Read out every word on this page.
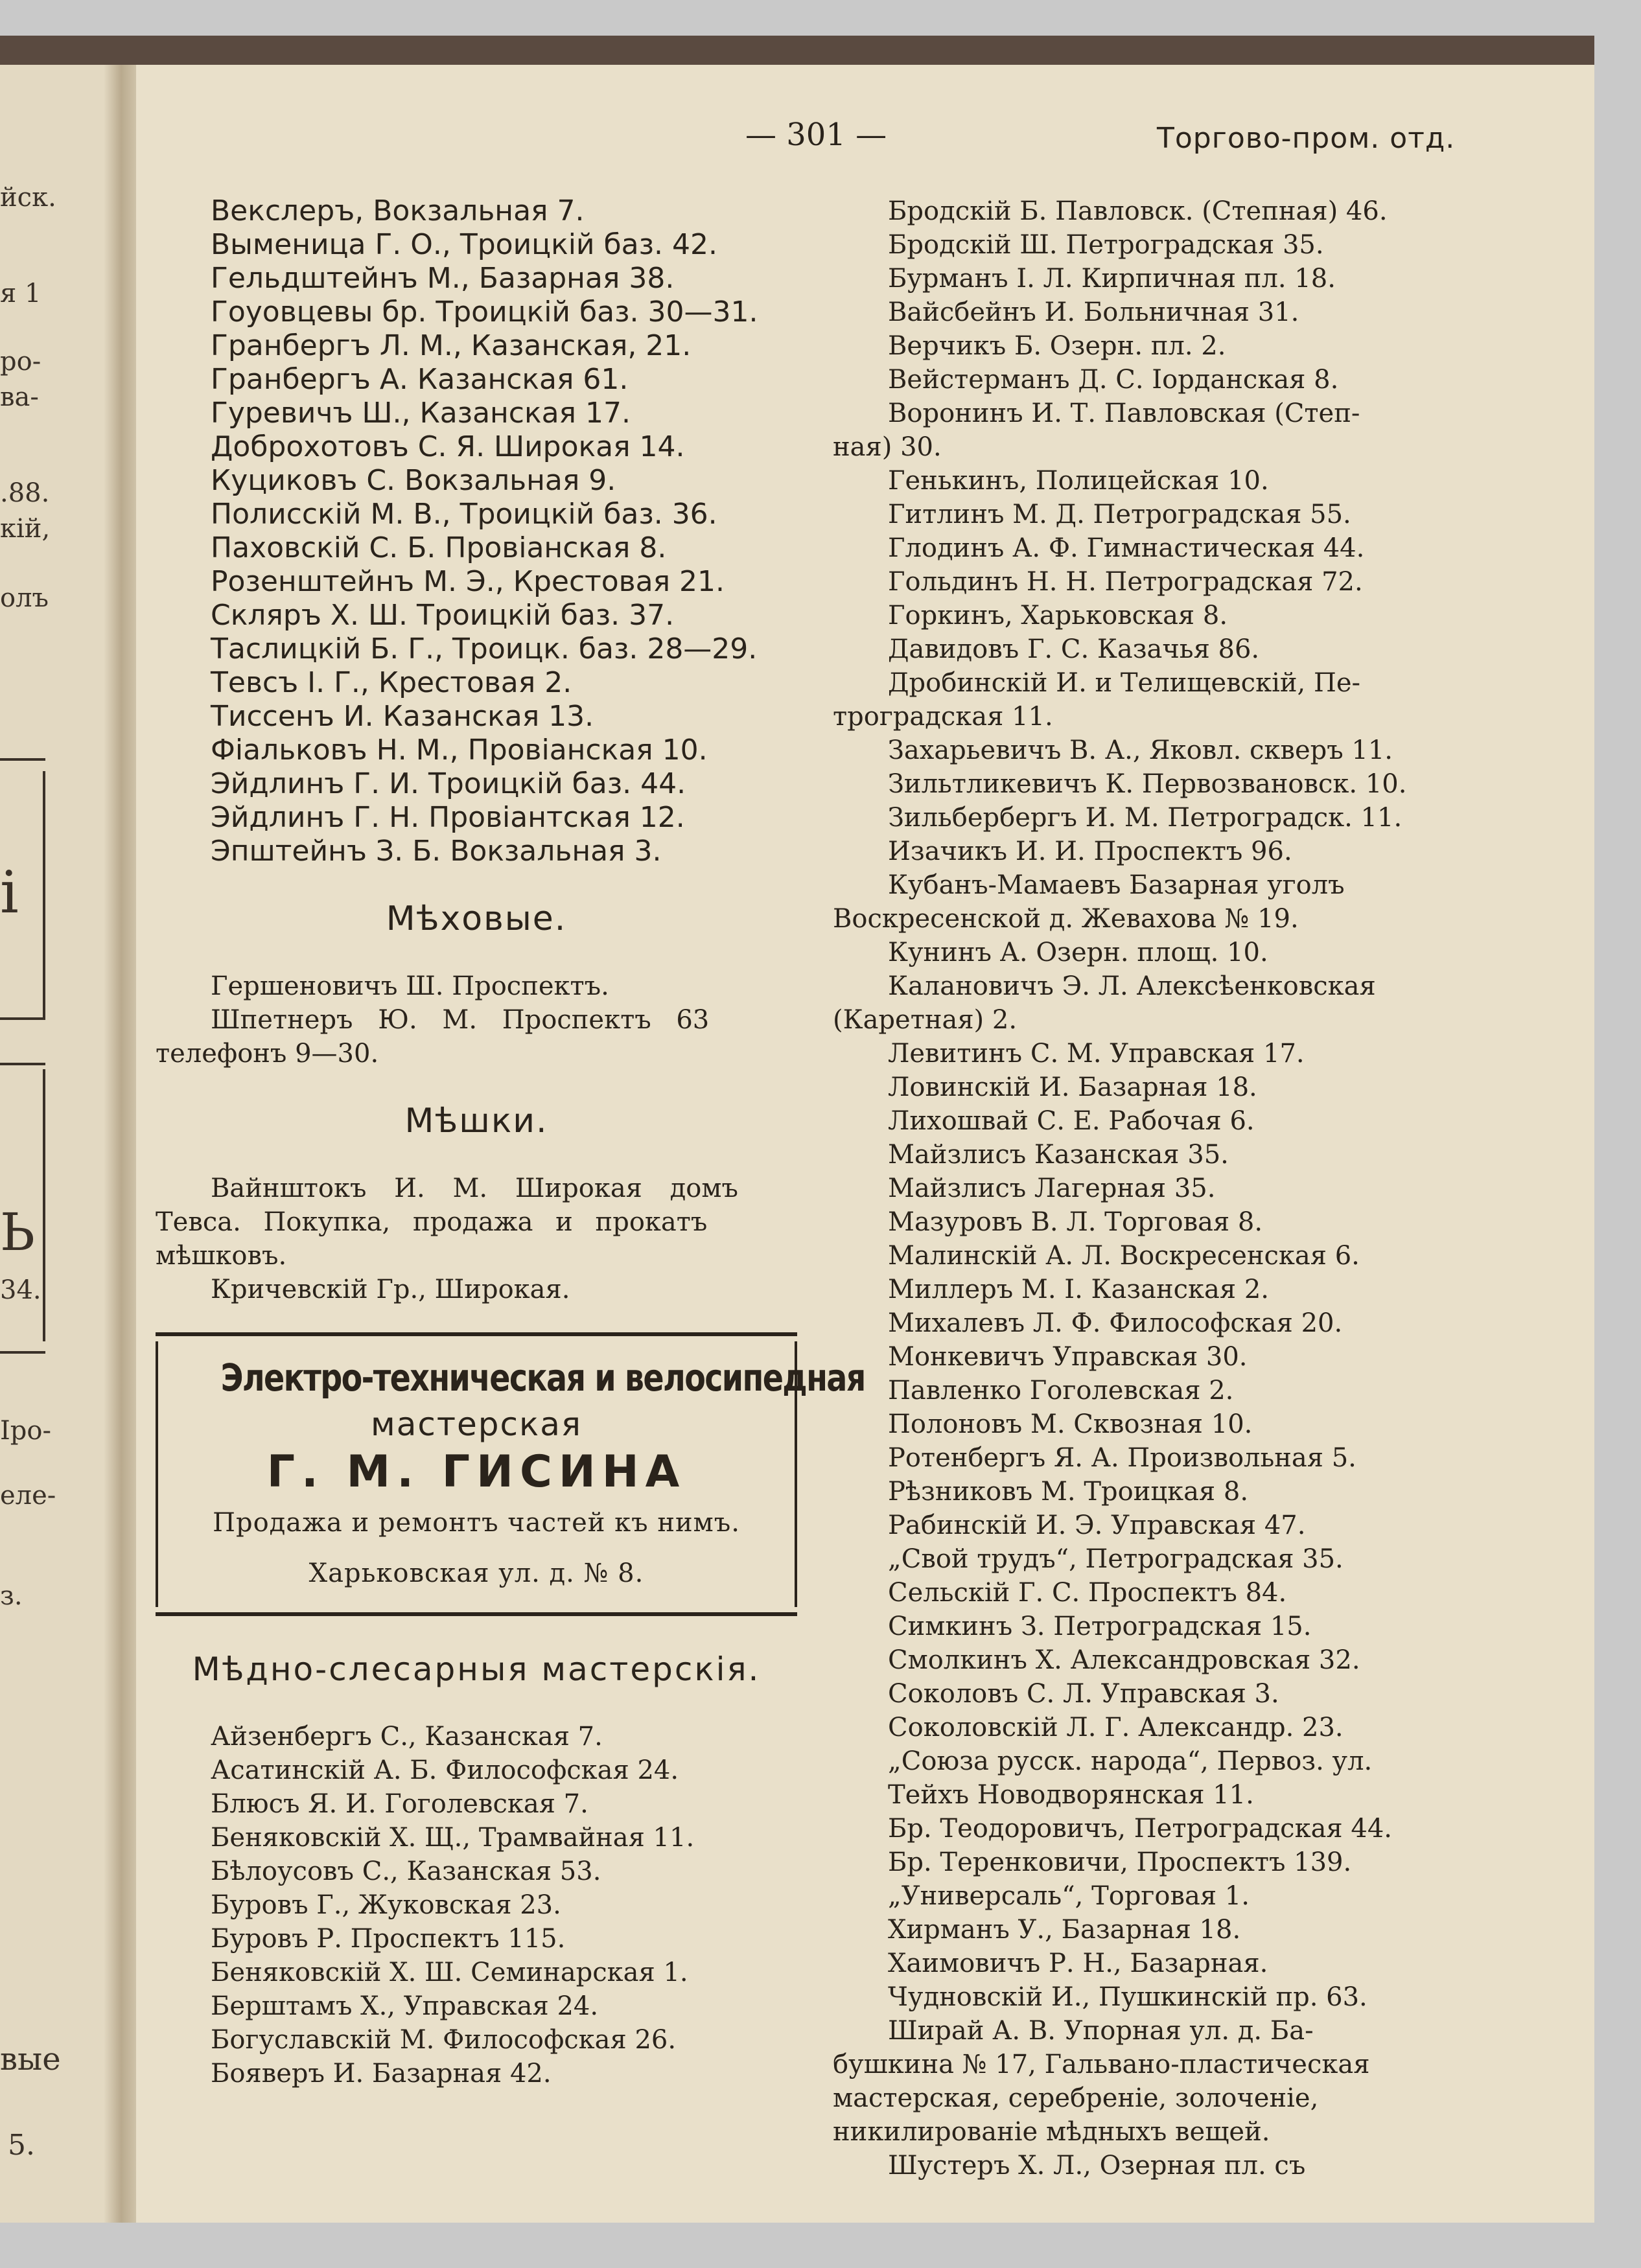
йск.
я 1
ро-
ва-
.88.
кій,
олъ
і
Ь
34.
Іро-
еле-
з.
вые
5.
— 301 —	Торгово-пром. отд.
Векслеръ, Вокзальная 7.
Выменица Г. О., Троицкій баз. 42.
Гельдштейнъ М., Базарная 38.
Гоуовцевы бр. Троицкій баз. 30—31.
Гранбергъ Л. М., Казанская, 21.
Гранбергъ А. Казанская 61.
Гуревичъ Ш., Казанская 17.
Доброхотовъ С. Я. Широкая 14.
Куциковъ С. Вокзальная 9.
Полисскій М. В., Троицкій баз. 36.
Паховскій С. Б. Провіанская 8.
Розенштейнъ М. Э., Крестовая 21.
Скляръ Х. Ш. Троицкій баз. 37.
Таслицкій Б. Г., Троицк. баз. 28—29.
Тевсъ І. Г., Крестовая 2.
Тиссенъ И. Казанская 13.
Фіальковъ Н. М., Провіанская 10.
Эйдлинъ Г. И. Троицкій баз. 44.
Эйдлинъ Г. Н. Провіантская 12.
Эпштейнъ З. Б. Вокзальная 3.
Мѣховые.
Гершеновичъ Ш. Проспектъ.
Шпетнеръ Ю. М. Проспектъ 63
телефонъ 9—30.
Мѣшки.
Вайнштокъ И. М. Широкая домъ
Тевса. Покупка, продажа и прокатъ
мѣшковъ.
Кричевскій Гр., Широкая.
Электро-техническая и велосипедная
мастерская
Г. М. ГИСИНА
Продажа и ремонтъ частей къ нимъ.
Харьковская ул. д. № 8.
Мѣдно-слесарныя мастерскія.
Айзенбергъ С., Казанская 7.
Асатинскій А. Б. Философская 24.
Блюсъ Я. И. Гоголевская 7.
Беняковскій Х. Щ., Трамвайная 11.
Бѣлоусовъ С., Казанская 53.
Буровъ Г., Жуковская 23.
Буровъ Р. Проспектъ 115.
Беняковскій Х. Ш. Семинарская 1.
Берштамъ Х., Управская 24.
Богуславскій М. Философская 26.
Бояверъ И. Базарная 42.
Бродскій Б. Павловск. (Степная) 46.
Бродскій Ш. Петроградская 35.
Бурманъ І. Л. Кирпичная пл. 18.
Вайсбейнъ И. Больничная 31.
Верчикъ Б. Озерн. пл. 2.
Вейстерманъ Д. С. Іорданская 8.
Воронинъ И. Т. Павловская (Степ-
ная) 30.
Генькинъ, Полицейская 10.
Гитлинъ М. Д. Петроградская 55.
Глодинъ А. Ф. Гимнастическая 44.
Гольдинъ Н. Н. Петроградская 72.
Горкинъ, Харьковская 8.
Давидовъ Г. С. Казачья 86.
Дробинскій И. и Телищевскій, Пе-
троградская 11.
Захарьевичъ В. А., Яковл. скверъ 11.
Зильтликевичъ К. Первозвановск. 10.
Зильбербергъ И. М. Петроградск. 11.
Изачикъ И. И. Проспектъ 96.
Кубанъ-Мамаевъ Базарная уголъ
Воскресенской д. Жевахова № 19.
Кунинъ А. Озерн. площ. 10.
Калановичъ Э. Л. Алексѣенковская
(Каретная) 2.
Левитинъ С. М. Управская 17.
Ловинскій И. Базарная 18.
Лихошвай С. Е. Рабочая 6.
Майзлисъ Казанская 35.
Майзлисъ Лагерная 35.
Мазуровъ В. Л. Торговая 8.
Малинскій А. Л. Воскресенская 6.
Миллеръ М. І. Казанская 2.
Михалевъ Л. Ф. Философская 20.
Монкевичъ Управская 30.
Павленко Гоголевская 2.
Полоновъ М. Сквозная 10.
Ротенбергъ Я. А. Произвольная 5.
Рѣзниковъ М. Троицкая 8.
Рабинскій И. Э. Управская 47.
„Свой трудъ“, Петроградская 35.
Сельскій Г. С. Проспектъ 84.
Симкинъ З. Петроградская 15.
Смолкинъ Х. Александровская 32.
Соколовъ С. Л. Управская 3.
Соколовскій Л. Г. Александр. 23.
„Союза русск. народа“, Первоз. ул.
Тейхъ Новодворянская 11.
Бр. Теодоровичъ, Петроградская 44.
Бр. Теренковичи, Проспектъ 139.
„Универсаль“, Торговая 1.
Хирманъ У., Базарная 18.
Хаимовичъ Р. Н., Базарная.
Чудновскій И., Пушкинскій пр. 63.
Ширай А. В. Упорная ул. д. Ба-
бушкина № 17, Гальвано-пластическая мастерская, серебреніе, золоченіе, никилированіе мѣдныхъ вещей.
Шустеръ Х. Л., Озерная пл. съ
